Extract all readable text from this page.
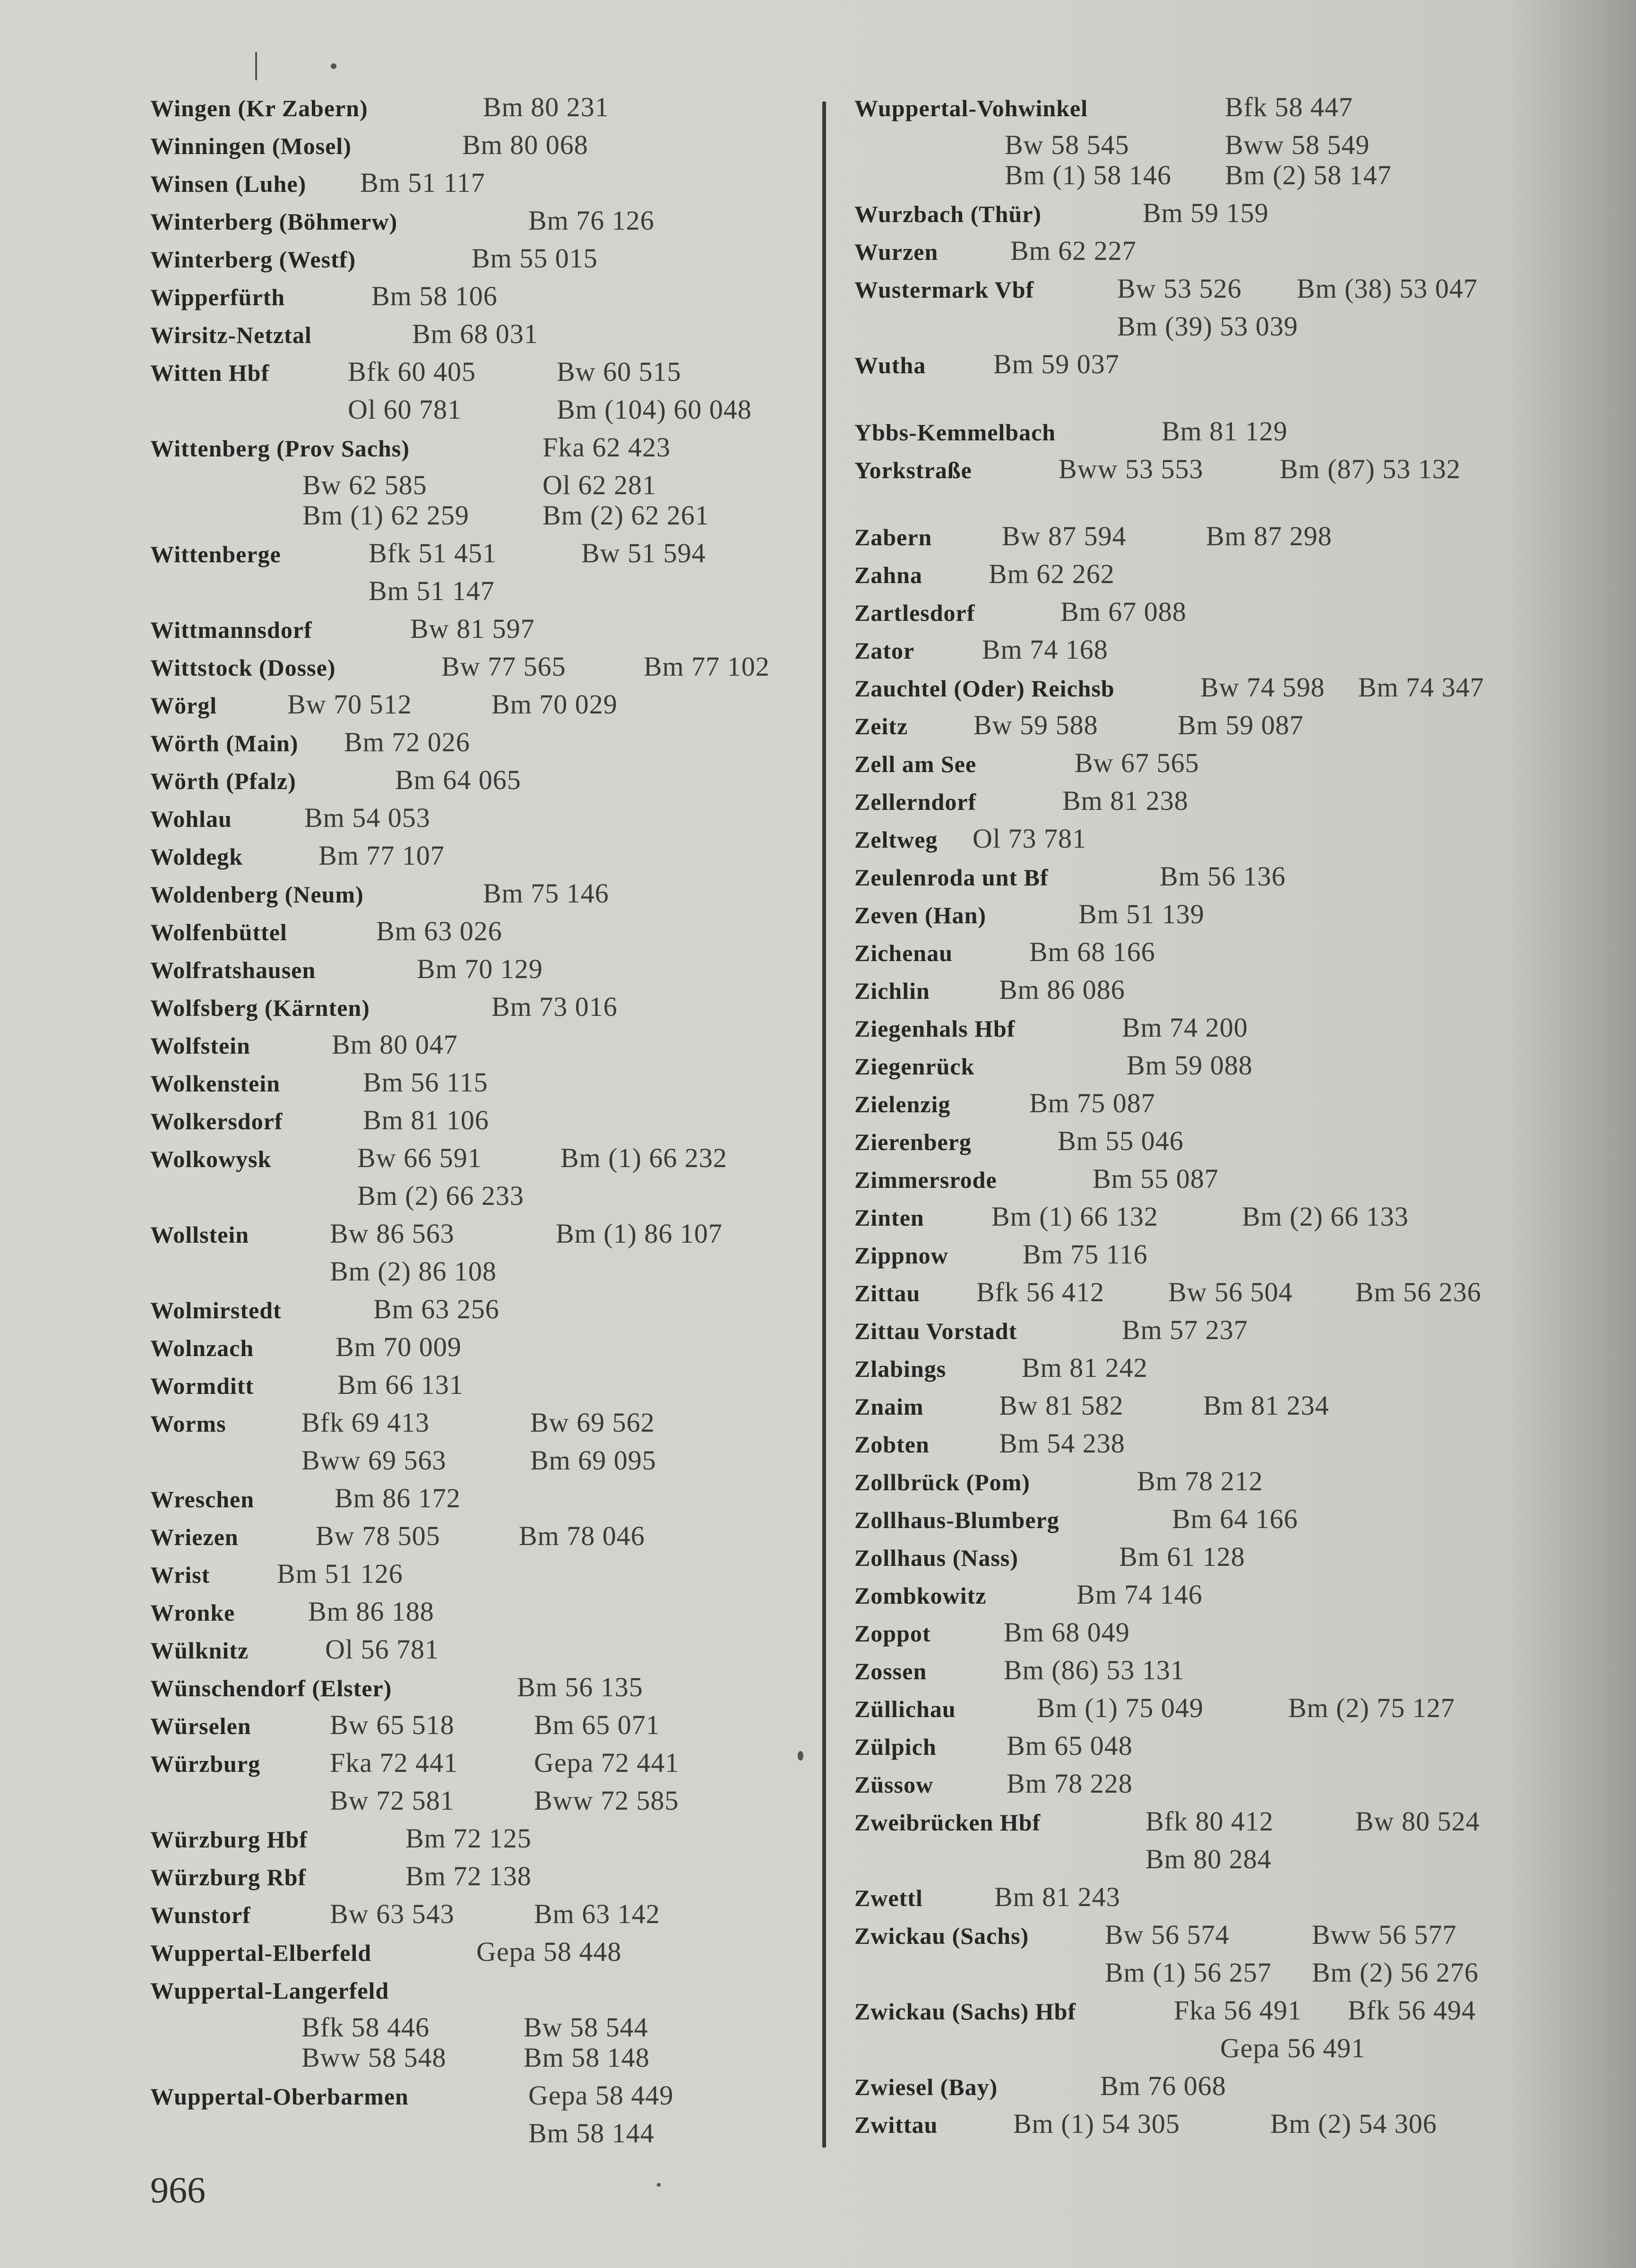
Wingen (Kr Zabern)	Bm 80 231
Winningen (Mosel)	Bm 80 068
Winsen (Luhe) Bm 51 117
Winterberg (Böhmerw)	Bm 76 126
Winterberg (Westf)	Bm 55 015
Wipperfürth	Bm 58 106
Wirsitz-Netztal	Bm 68 031
Witten Hbf	Bfk 60 405	Bw 60 515
Ol 60 781	Bm (104) 60 048
Wittenberg (Prov Sachs)	Fka 62 423
Bw 62 585	Ol 62 281
Bm (1) 62 259	Bm (2) 62 261
Wittenberge	Bfk 51 451	Bw 51 594
Bm 51 147
Wittmannsdorf	Bw 81 597
Wittstock (Dosse)	Bw 77 565	Bm 77 102
Wörgl	Bw 70 512	Bm 70 029
Wörth (Main) Bm 72 026
Wörth (Pfalz)	Bm 64 065
Wohlau	Bm 54 053
Woldegk	Bm 77 107
Woldenberg (Neum)	Bm 75 146
Wolfenbüttel	Bm 63 026
Wolfratshausen	Bm 70 129
Wolfsberg (Kärnten)	Bm 73 016
Wolfstein	Bm 80 047
Wolkenstein	Bm 56 115
Wolkersdorf	Bm 81 106
Wolkowysk	Bw 66 591	Bm (1) 66 232
Bm (2) 66 233
Wollstein	Bw 86 563	Bm (1) 86 107
Bm (2) 86 108
Wolmirstedt	Bm 63 256
Wolnzach	Bm 70 009
Wormditt	Bm 66 131
Worms	Bfk 69 413	Bw 69 562
Bww 69 563	Bm 69 095
Wreschen	Bm 86 172
Wriezen	Bw 78 505	Bm 78 046
Wrist Bm 51 126
Wronke	Bm 86 188
Wülknitz	Ol 56 781
Wünschendorf (Elster)	Bm 56 135
Würselen	Bw 65 518	Bm 65 071
Würzburg	Fka 72 441	Gepa 72 441
Bw 72 581	Bww 72 585
Würzburg Hbf	Bm 72 125
Würzburg Rbf	Bm 72 138
Wunstorf	Bw 63 543	Bm 63 142
Wuppertal-Elberfeld	Gepa 58 448
Wuppertal-Langerfeld
Bfk 58 446	Bw 58 544
Bww 58 548	Bm 58 148
Wuppertal-Oberbarmen	Gepa 58 449
Bm 58 144
Wuppertal-Vohwinkel	Bfk 58 447
Bw 58 545	Bww 58 549
Bm (1) 58 146 Bm (2) 58 147
Wurzbach (Thür)	Bm 59 159
Wurzen	Bm 62 227
Wustermark Vbf	Bw 53 526 Bm (38) 53 047
Bm (39) 53 039
Wutha Bm 59 037
Ybbs-Kemmelbach	Bm 81 129
Yorkstraße	Bww 53 553	Bm (87) 53 132
Zabern	Bw 87 594	Bm 87 298
Zahna Bm 62 262
Zartlesdorf	Bm 67 088
Zator Bm 74 168
Zauchtel (Oder) Reichsb	Bw 74 598 Bm 74 347
Zeitz Bw 59 588	Bm 59 087
Zell am See	Bw 67 565
Zellerndorf	Bm 81 238
Zeltweg Ol 73 781
Zeulenroda unt Bf	Bm 56 136
Zeven (Han)	Bm 51 139
Zichenau	Bm 68 166
Zichlin	Bm 86 086
Ziegenhals Hbf	Bm 74 200
Ziegenrück	Bm 59 088
Zielenzig	Bm 75 087
Zierenberg	Bm 55 046
Zimmersrode	Bm 55 087
Zinten Bm (1) 66 132	Bm (2) 66 133
Zippnow	Bm 75 116
Zittau Bfk 56 412 Bw 56 504 Bm 56 236
Zittau Vorstadt	Bm 57 237
Zlabings	Bm 81 242
Znaim	Bw 81 582	Bm 81 234
Zobten	Bm 54 238
Zollbrück (Pom)	Bm 78 212
Zollhaus-Blumberg	Bm 64 166
Zollhaus (Nass)	Bm 61 128
Zombkowitz	Bm 74 146
Zoppot	Bm 68 049
Zossen	Bm (86) 53 131
Züllichau	Bm (1) 75 049	Bm (2) 75 127
Zülpich	Bm 65 048
Züssow	Bm 78 228
Zweibrücken Hbf	Bfk 80 412	Bw 80 524
Bm 80 284
Zwettl	Bm 81 243
Zwickau (Sachs)	Bw 56 574	Bww 56 577
Bm (1) 56 257 Bm (2) 56 276
Zwickau (Sachs) Hbf	Fka 56 491 Bfk 56 494
Gepa 56 491
Zwiesel (Bay)	Bm 76 068
Zwittau	Bm (1) 54 305	Bm (2) 54 306
966
